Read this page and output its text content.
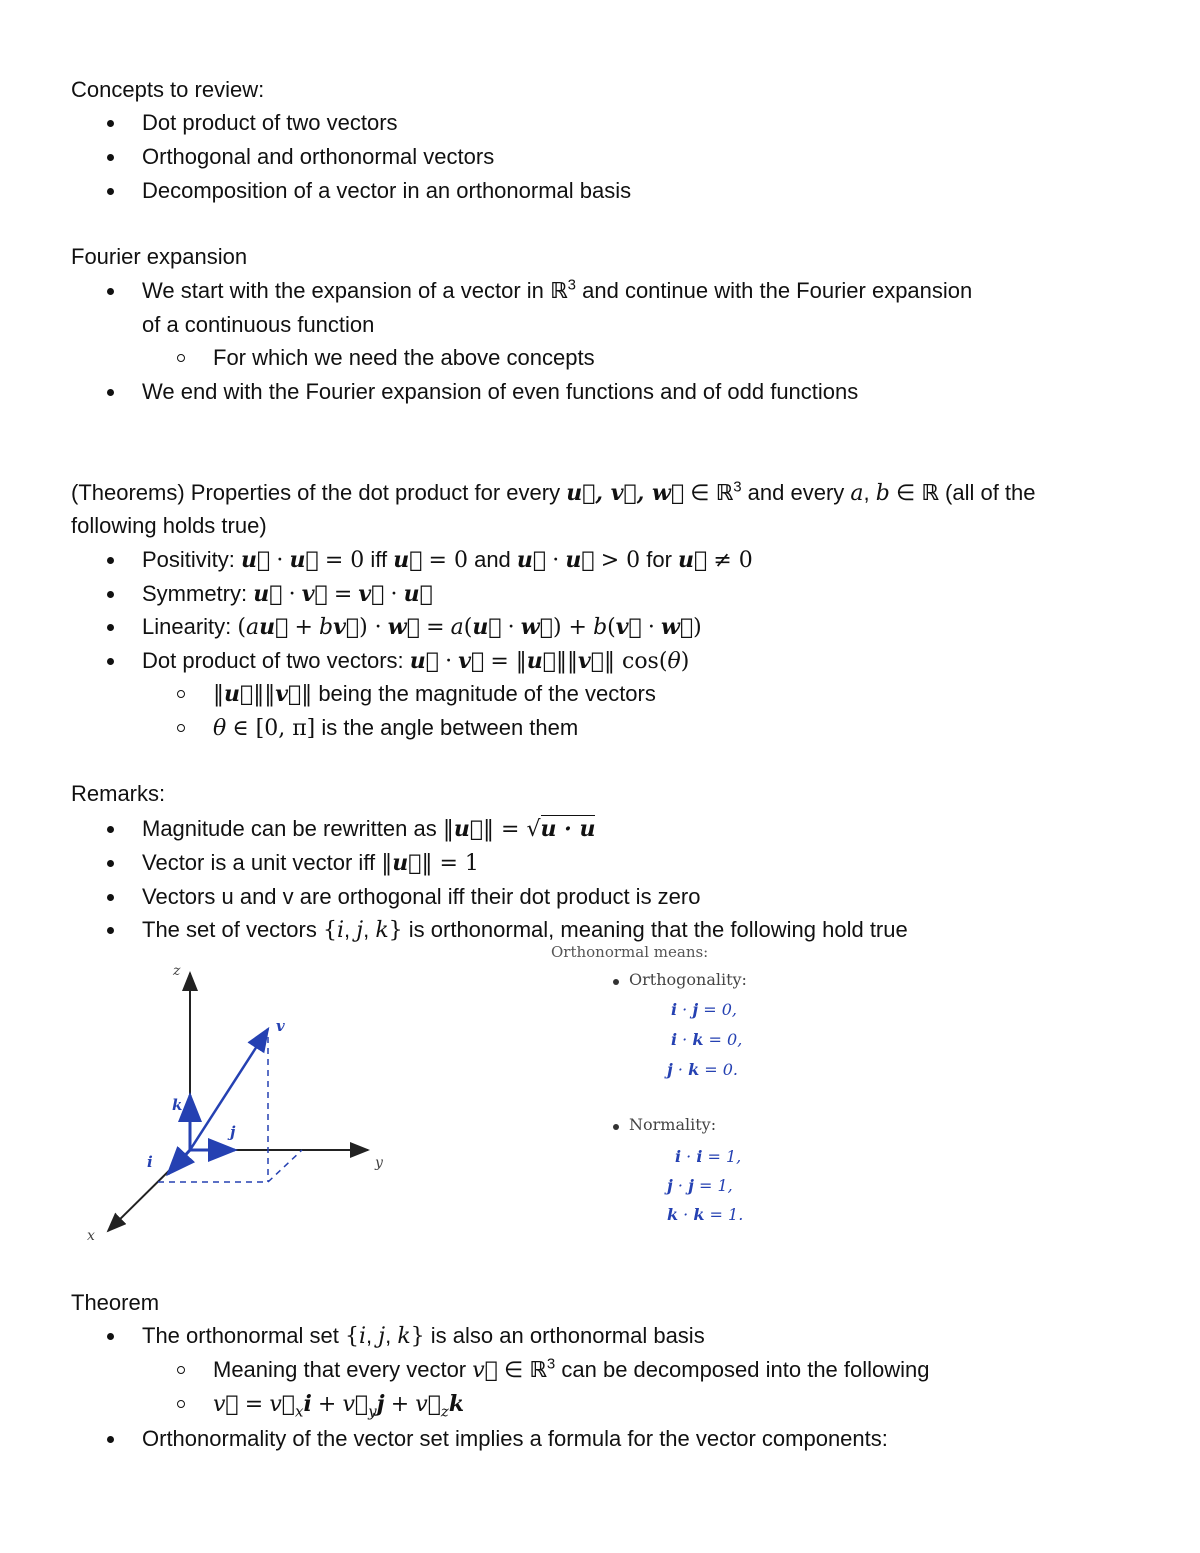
Concepts to review:
Dot product of two vectors
Orthogonal and orthonormal vectors
Decomposition of a vector in an orthonormal basis
Fourier expansion
We start with the expansion of a vector in ℝ$^3$ and continue with the Fourier expansion
of a continuous function
For which we need the above concepts
We end with the Fourier expansion of even functions and of odd functions
(Theorems) Properties of the dot product for every u⃗, v⃗, w⃗ ∈ ℝ$^3$ and every a, b ∈ ℝ (all of the
following holds true)
Positivity: u⃗ · u⃗ = 0 iff u⃗ = 0 and u⃗ · u⃗ > 0 for u⃗ ≠ 0
Symmetry: u⃗ · v⃗ = v⃗ · u⃗
Linearity: (au⃗ + bv⃗) · w⃗ = a(u⃗ · w⃗) + b(v⃗ · w⃗)
Dot product of two vectors: u⃗ · v⃗ = ‖u⃗‖‖v⃗‖ cos(θ)
‖u⃗‖‖v⃗‖ being the magnitude of the vectors
θ ∈ [0, π] is the angle between them
Remarks:
Magnitude can be rewritten as ‖u⃗‖ = √u · u
Vector is a unit vector iff ‖u⃗‖ = 1
Vectors u and v are orthogonal iff their dot product is zero
The set of vectors {i, j, k} is orthonormal, meaning that the following hold true
z
y
x
v
k
j
i
Orthonormal means:
Orthogonality:
i · j = 0,
i · k = 0,
j · k = 0.
Normality:
i · i = 1,
j · j = 1,
k · k = 1.
Theorem
The orthonormal set {i, j, k} is also an orthonormal basis
Meaning that every vector v⃗ ∈ ℝ$^3$ can be decomposed into the following
v⃗ = $v⃗_xi$ + $v⃗_yj$ + $v⃗_zk$
Orthonormality of the vector set implies a formula for the vector components:
